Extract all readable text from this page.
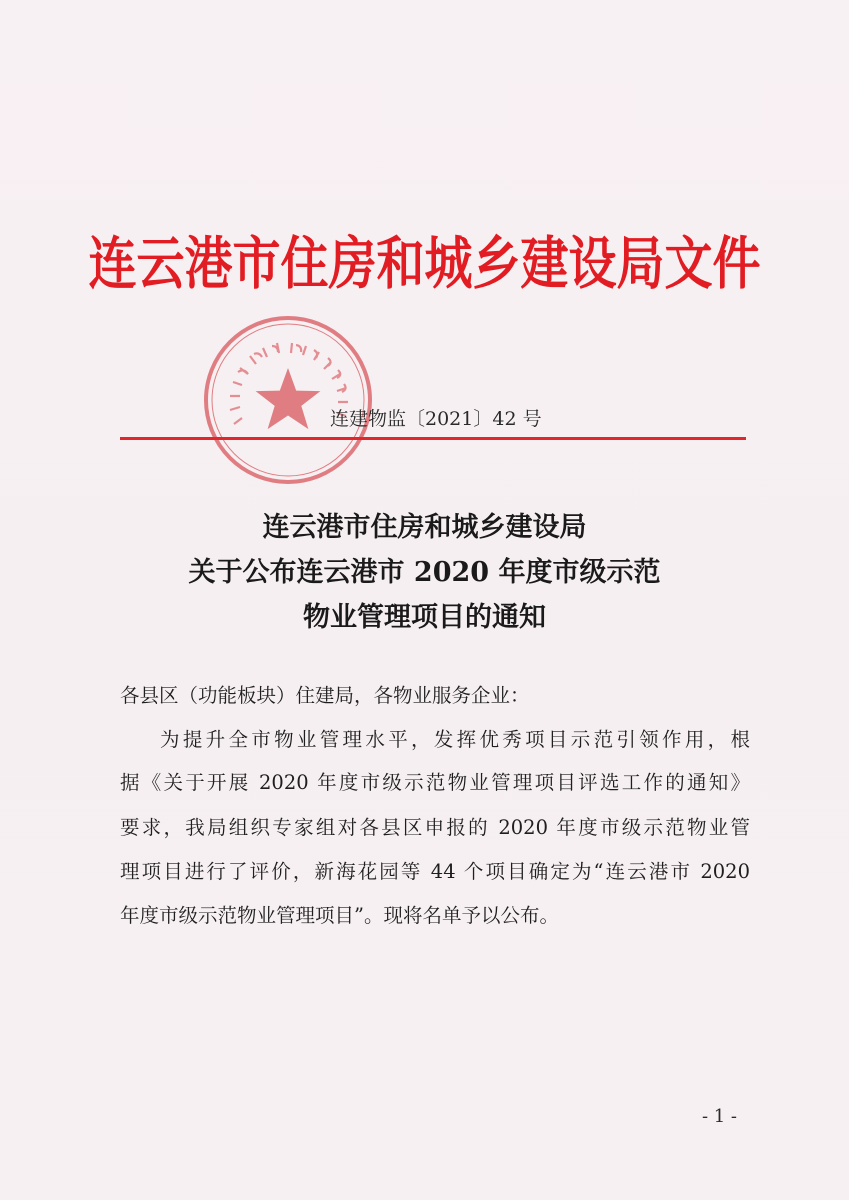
连云港市住房和城乡建设局文件
连建物监〔2021〕42 号
连云港市住房和城乡建设局
关于公布连云港市 2020 年度市级示范
物业管理项目的通知
各县区（功能板块）住建局，各物业服务企业：
为提升全市物业管理水平，发挥优秀项目示范引领作用，根
据《关于开展 2020 年度市级示范物业管理项目评选工作的通知》
要求，我局组织专家组对各县区申报的 2020 年度市级示范物业管
理项目进行了评价，新海花园等 44 个项目确定为“连云港市 2020
年度市级示范物业管理项目”。现将名单予以公布。
- 1 -
